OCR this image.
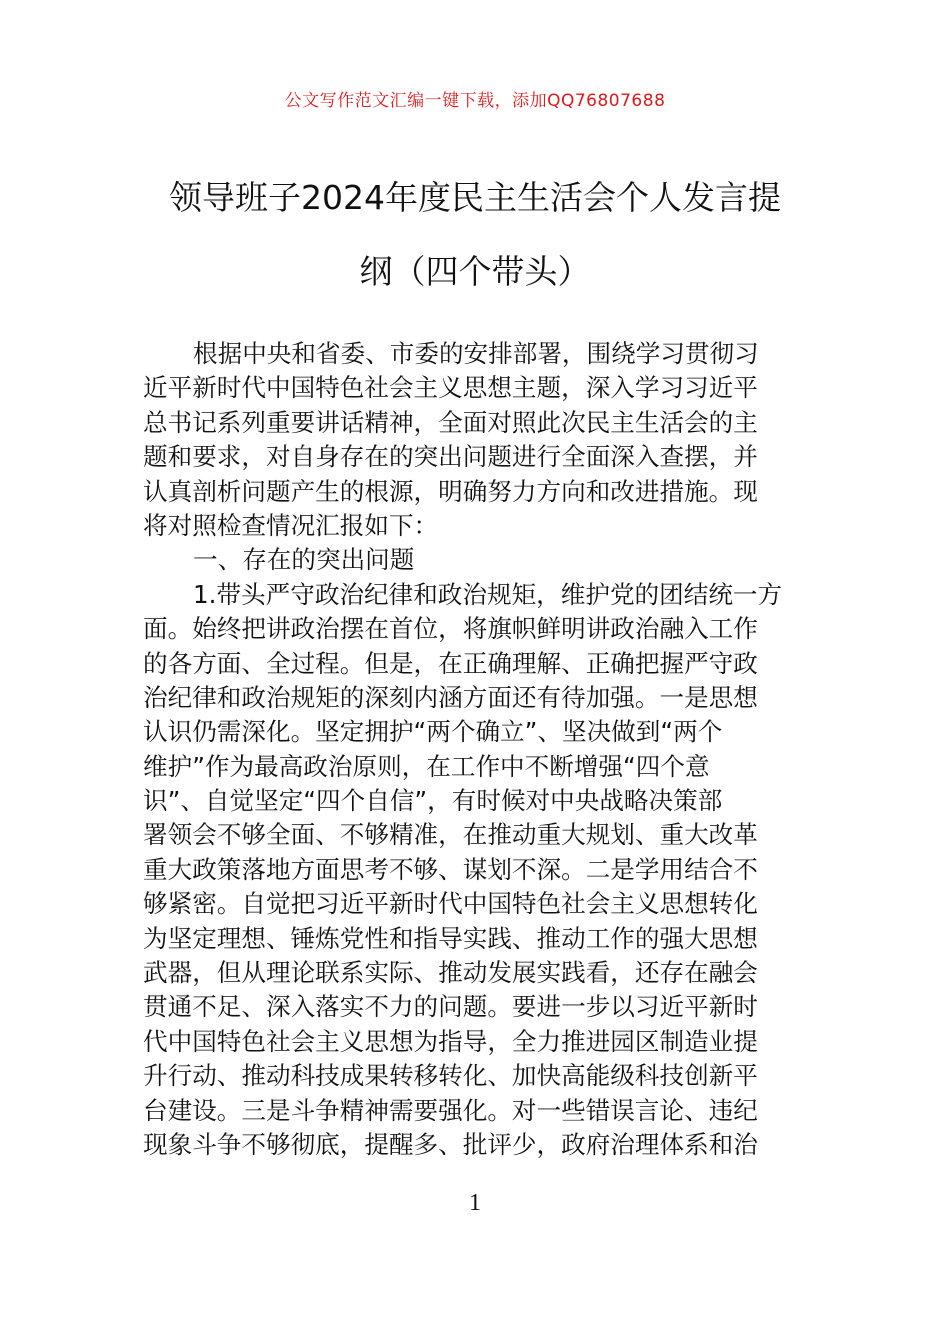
公文写作范文汇编一键下载，添加QQ76807688
领导班子2024年度民主生活会个人发言提
纲（四个带头）
根据中央和省委、市委的安排部署，围绕学习贯彻习
近平新时代中国特色社会主义思想主题，深入学习习近平
总书记系列重要讲话精神，全面对照此次民主生活会的主
题和要求，对自身存在的突出问题进行全面深入查摆，并
认真剖析问题产生的根源，明确努力方向和改进措施。现
将对照检查情况汇报如下：
一、存在的突出问题
1.带头严守政治纪律和政治规矩，维护党的团结统一方
面。始终把讲政治摆在首位，将旗帜鲜明讲政治融入工作
的各方面、全过程。但是，在正确理解、正确把握严守政
治纪律和政治规矩的深刻内涵方面还有待加强。一是思想
认识仍需深化。坚定拥护“两个确立”、坚决做到“两个
维护”作为最高政治原则，在工作中不断增强“四个意
识”、自觉坚定“四个自信”，有时候对中央战略决策部
署领会不够全面、不够精准，在推动重大规划、重大改革
重大政策落地方面思考不够、谋划不深。二是学用结合不
够紧密。自觉把习近平新时代中国特色社会主义思想转化
为坚定理想、锤炼党性和指导实践、推动工作的强大思想
武器，但从理论联系实际、推动发展实践看，还存在融会
贯通不足、深入落实不力的问题。要进一步以习近平新时
代中国特色社会主义思想为指导，全力推进园区制造业提
升行动、推动科技成果转移转化、加快高能级科技创新平
台建设。三是斗争精神需要强化。对一些错误言论、违纪
现象斗争不够彻底，提醒多、批评少，政府治理体系和治
1
